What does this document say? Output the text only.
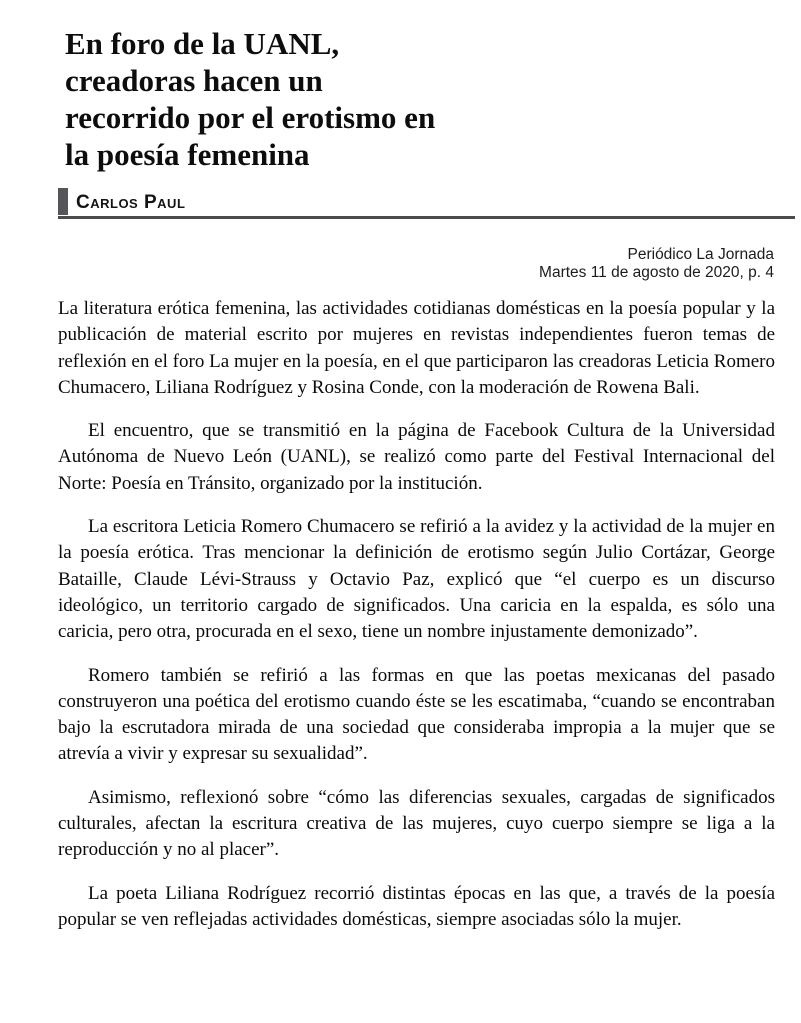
En foro de la UANL,
creadoras hacen un
recorrido por el erotismo en
la poesía femenina
Carlos Paul
Periódico La Jornada
Martes 11 de agosto de 2020, p. 4

La literatura erótica femenina, las actividades cotidianas domésticas en la poesía popular y la publicación de material escrito por mujeres en revistas independientes fueron temas de reflexión en el foro La mujer en la poesía, en el que participaron las creadoras Leticia Romero Chumacero, Liliana Rodríguez y Rosina Conde, con la moderación de Rowena Bali.

El encuentro, que se transmitió en la página de Facebook Cultura de la Universidad Autónoma de Nuevo León (UANL), se realizó como parte del Festival Internacional del Norte: Poesía en Tránsito, organizado por la institución.

La escritora Leticia Romero Chumacero se refirió a la avidez y la actividad de la mujer en la poesía erótica. Tras mencionar la definición de erotismo según Julio Cortázar, George Bataille, Claude Lévi-Strauss y Octavio Paz, explicó que “el cuerpo es un discurso ideológico, un territorio cargado de significados. Una caricia en la espalda, es sólo una caricia, pero otra, procurada en el sexo, tiene un nombre injustamente demonizado”.

Romero también se refirió a las formas en que las poetas mexicanas del pasado construyeron una poética del erotismo cuando éste se les escatimaba, “cuando se encontraban bajo la escrutadora mirada de una sociedad que consideraba impropia a la mujer que se atrevía a vivir y expresar su sexualidad”.

Asimismo, reflexionó sobre “cómo las diferencias sexuales, cargadas de significados culturales, afectan la escritura creativa de las mujeres, cuyo cuerpo siempre se liga a la reproducción y no al placer”.

La poeta Liliana Rodríguez recorrió distintas épocas en las que, a través de la poesía popular se ven reflejadas actividades domésticas, siempre asociadas sólo la mujer.
